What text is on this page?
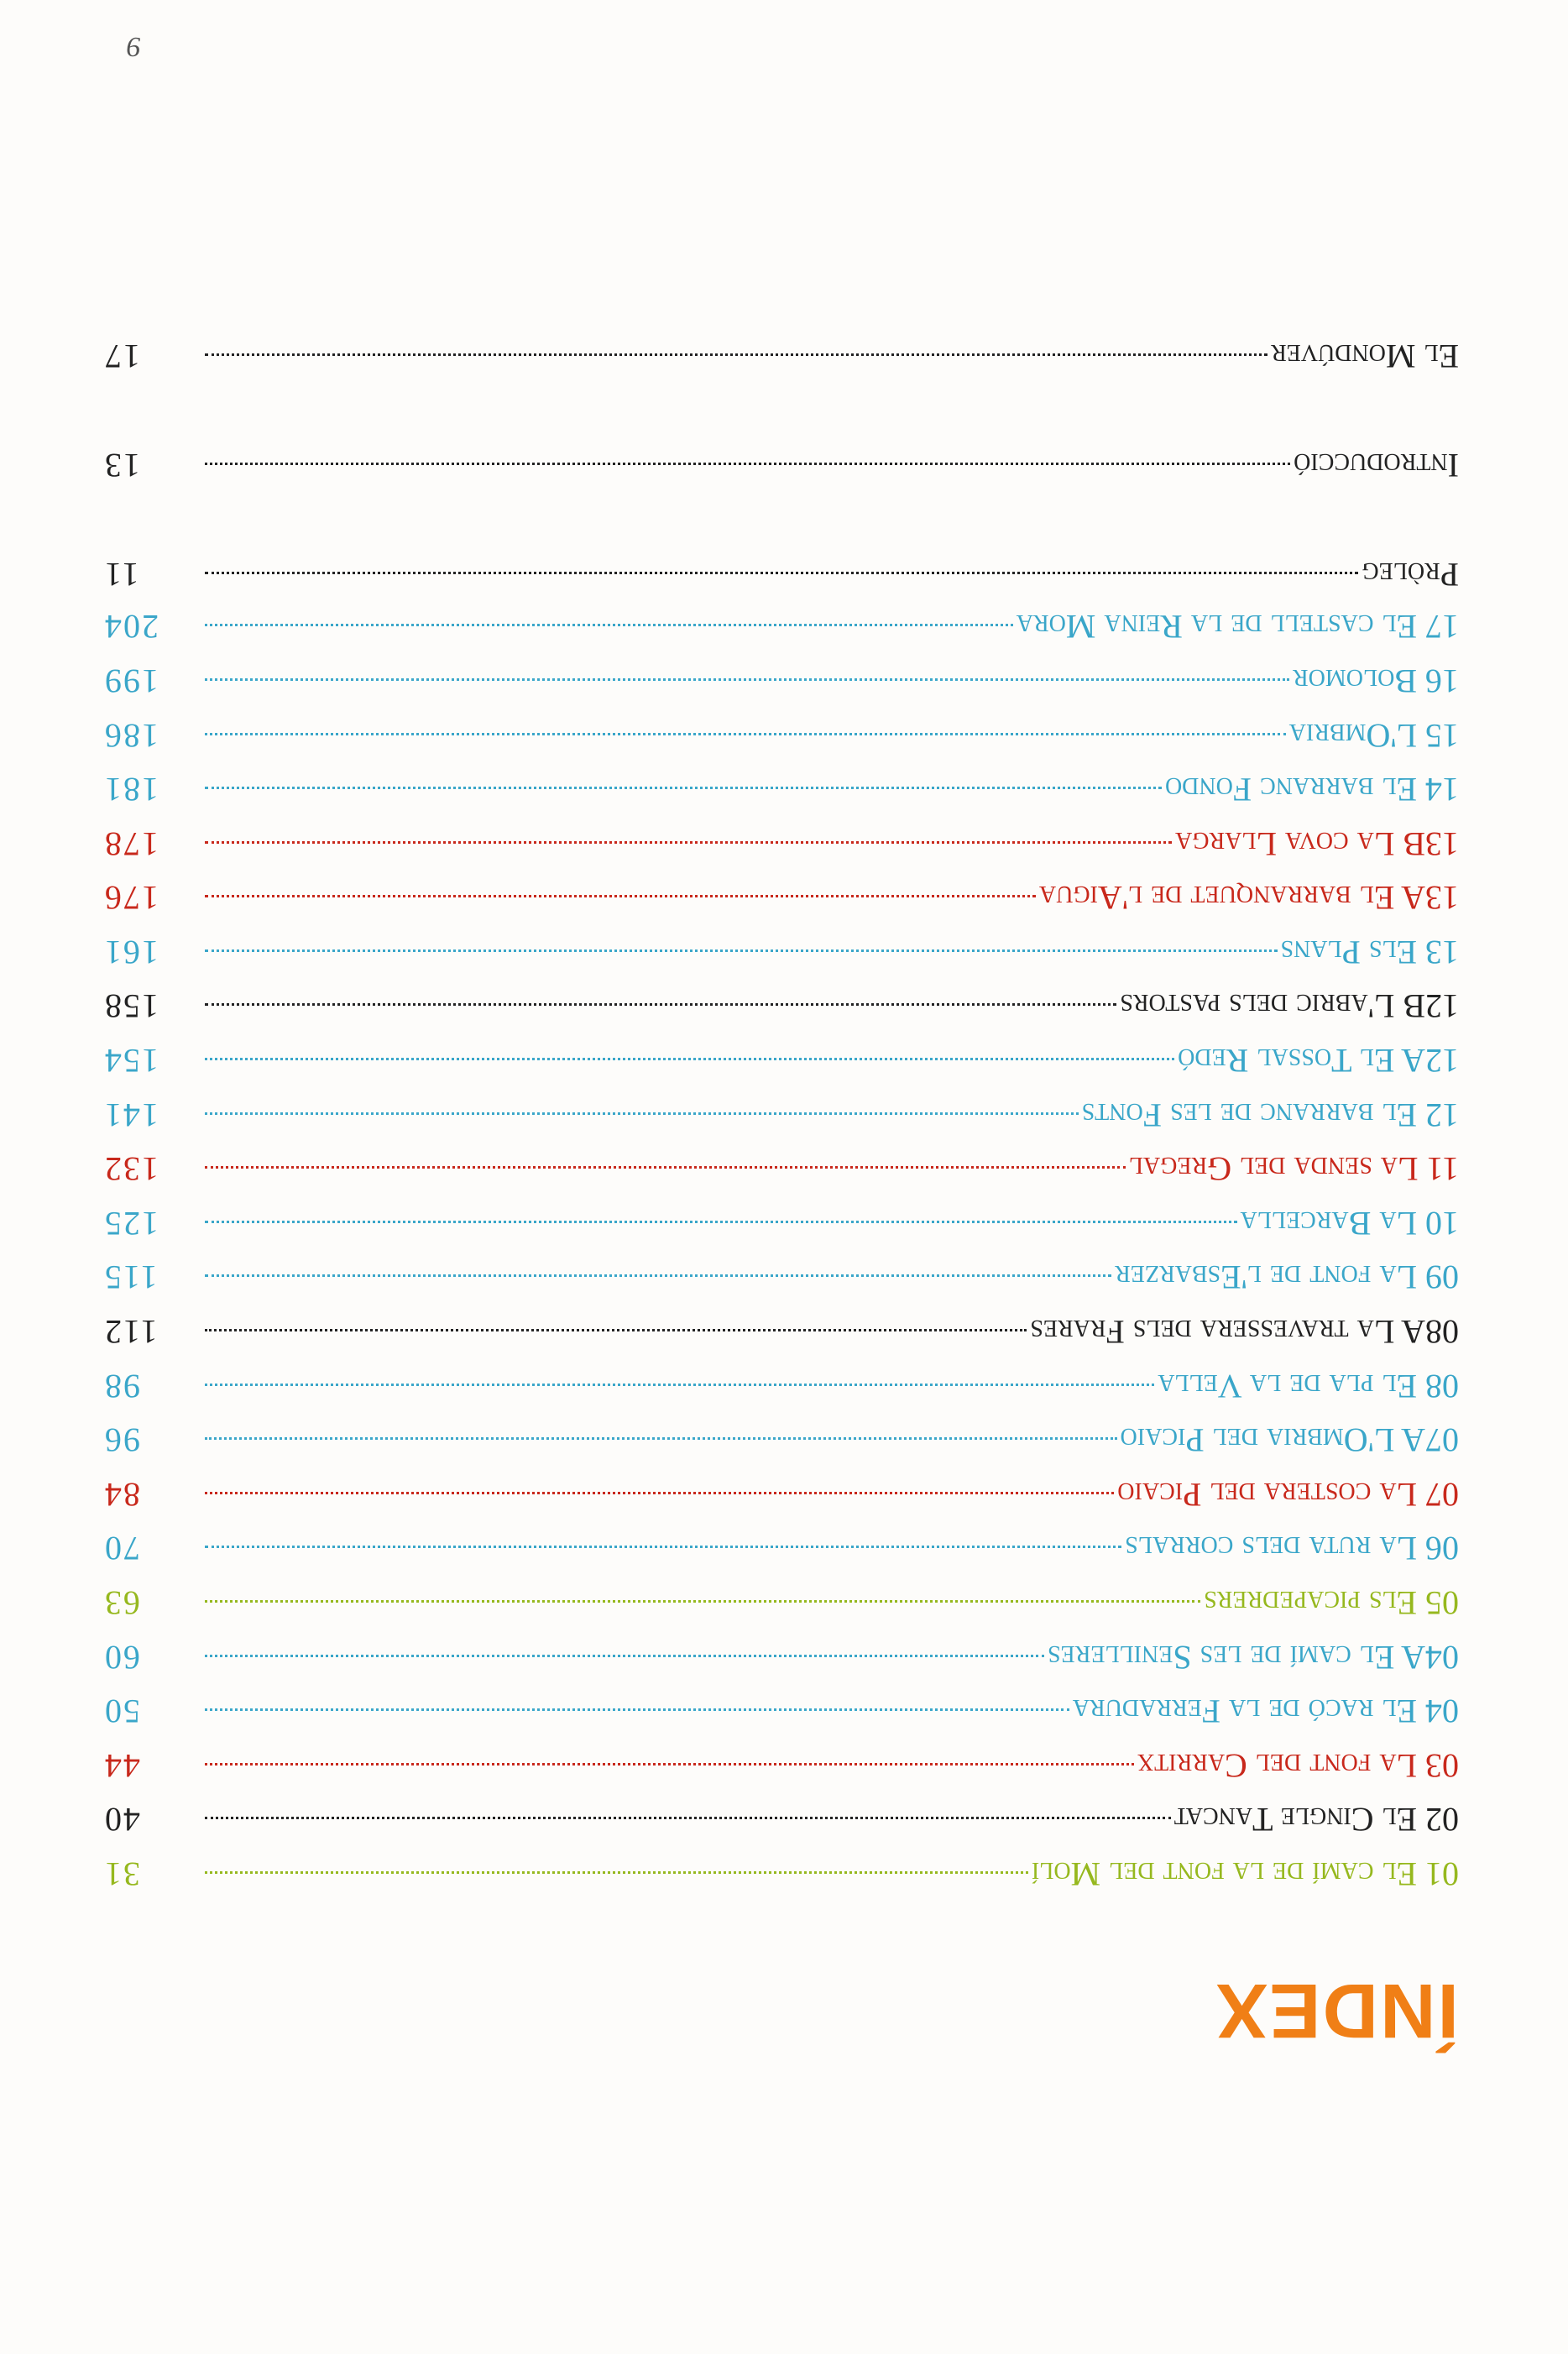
ÍNDEX
Pròleg
11
Introducció
13
El Mondúver
17
01 El camí de la font del Molí
31
02 El Cingle Tancat
40
03 La font del Carritx
44
04 El racó de la Ferradura
50
04A El camí de les Senilleres
60
05 Els picapedrers
63
06 La ruta dels corrals
70
07 La costera del Picaio
84
07A L'Ombria del Picaio
96
08 El pla de la Vella
98
08A La travessera dels Frares
112
09 La font de l'Esbarzer
115
10 La Barcella
125
11 La senda del Gregal
132
12 El barranc de les Fonts
141
12A El Tossal Redó
154
12B L'abric dels pastors
158
13 Els Plans
161
13A El barranquet de l'Aigua
176
13B La cova Llarga
178
14 El barranc Fondo
181
15 L'Ombria
186
16 Bolomor
199
17 El castell de la Reina Mora
204
9
